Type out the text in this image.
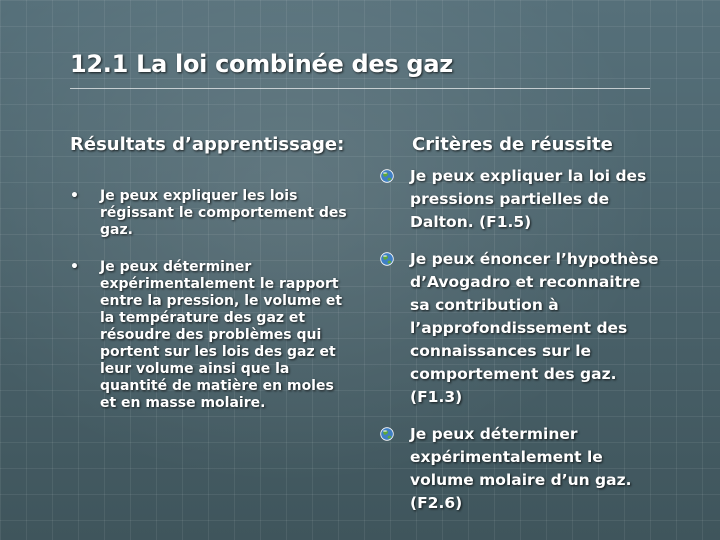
12.1 La loi combinée des gaz
Résultats d’apprentissage:
• Je peux expliquer les lois régissant le comportement des gaz.
• Je peux déterminer expérimentalement le rapport entre la pression, le volume et la température des gaz et résoudre des problèmes qui portent sur les lois des gaz et leur volume ainsi que la quantité de matière en moles et en masse molaire.
Critères de réussite
Je peux expliquer la loi des pressions partielles de Dalton. (F1.5)
Je peux énoncer l’hypothèse d’Avogadro et reconnaitre sa contribution à l’approfondissement des connaissances sur le comportement des gaz. (F1.3)
Je peux déterminer expérimentalement le volume molaire d’un gaz. (F2.6)
